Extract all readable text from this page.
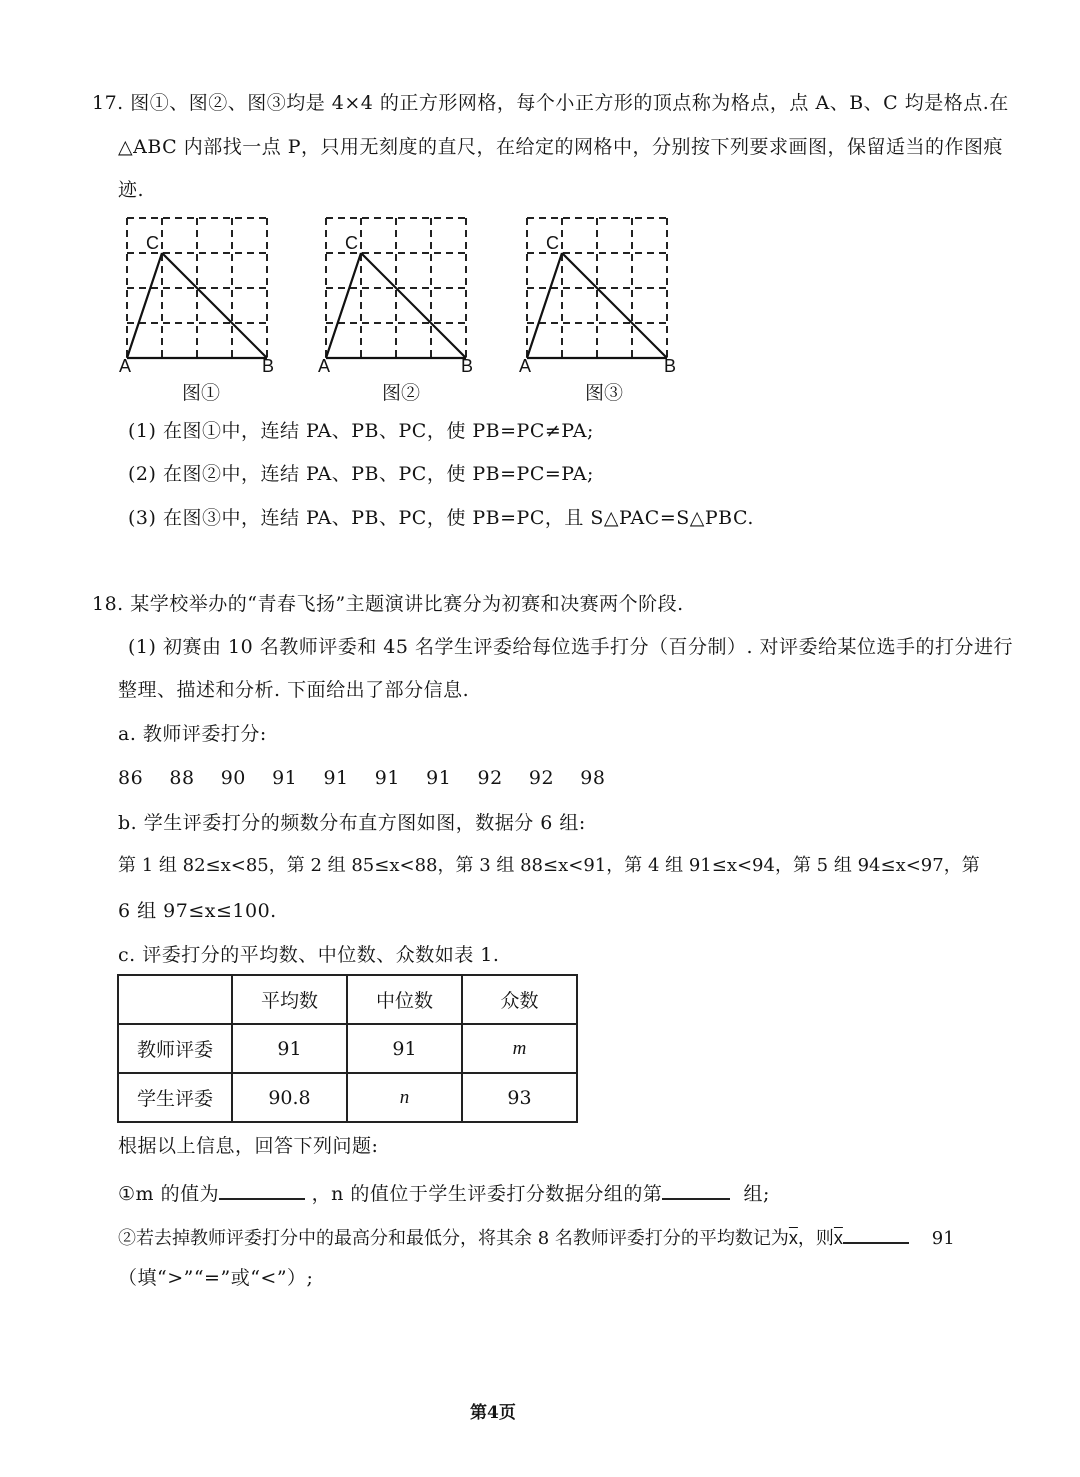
17. 图①、图②、图③均是 4×4 的正方形网格，每个小正方形的顶点称为格点，点 A、B、C 均是格点.在
△ABC 内部找一点 P，只用无刻度的直尺，在给定的网格中，分别按下列要求画图，保留适当的作图痕
迹.
C
A	B
图①
C
A	B
图②
C
A	B
图③
(1) 在图①中，连结 PA、PB、PC，使 PB=PC≠PA;
(2) 在图②中，连结 PA、PB、PC，使 PB=PC=PA;
(3) 在图③中，连结 PA、PB、PC，使 PB=PC，且 S△PAC=S△PBC.
18. 某学校举办的“青春飞扬”主题演讲比赛分为初赛和决赛两个阶段.
(1) 初赛由 10 名教师评委和 45 名学生评委给每位选手打分（百分制）. 对评委给某位选手的打分进行
整理、描述和分析. 下面给出了部分信息.
a. 教师评委打分:
86 88 90 91 91 91 91 92 92 98
b. 学生评委打分的频数分布直方图如图，数据分 6 组:
第 1 组 82≤x<85，第 2 组 85≤x<88，第 3 组 88≤x<91，第 4 组 91≤x<94，第 5 组 94≤x<97，第
6 组 97≤x≤100.
c. 评委打分的平均数、中位数、众数如表 1.
	平均数	中位数	众数
教师评委	91	91	m
学生评委	90.8	n	93
根据以上信息，回答下列问题:
①m 的值为	，n 的值位于学生评委打分数据分组的第	组;
②若去掉教师评委打分中的最高分和最低分，将其余 8 名教师评委打分的平均数记为$\overline{x}$，则$\overline{x}$	91
（填“>”“=”或“<”）;
第4页
